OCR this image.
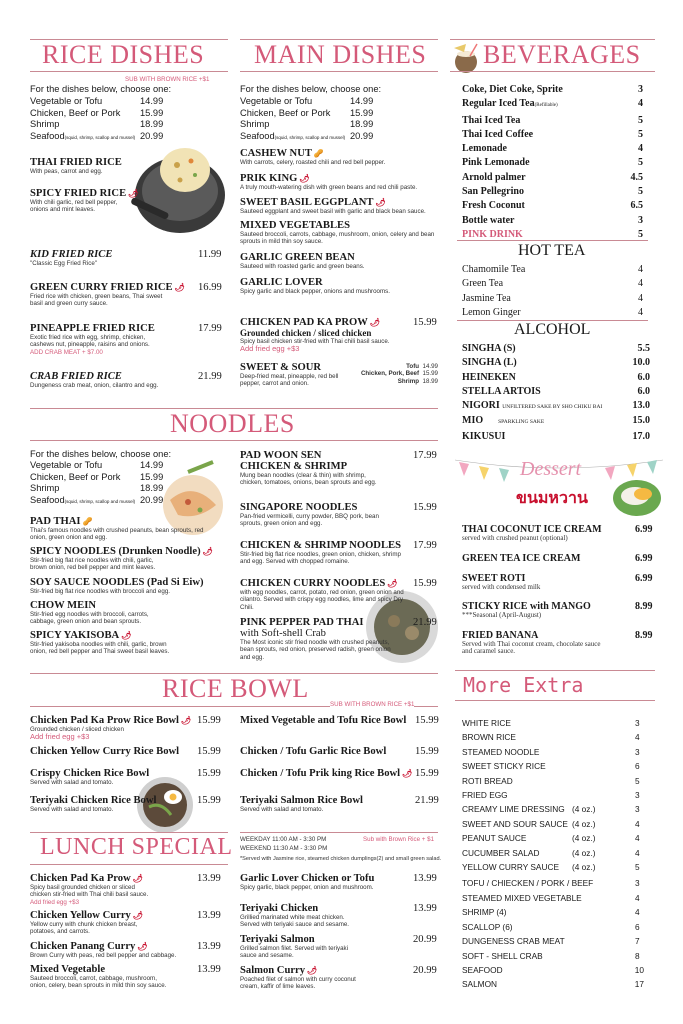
RICE DISHES
SUB WITH BROWN RICE +$1
For the dishes below, choose one:
Vegetable or Tofu	14.99
Chicken, Beef or Pork	15.99
Shrimp	18.99
Seafood(squid, shrimp, scallop and mussel) 20.99
THAI FRIED RICE
With peas, carrot and egg.
SPICY FRIED RICE 🌶
With chili garlic, red bell pepper, onions and mint leaves.
KID FRIED RICE
"Classic Egg Fried Rice"
11.99
GREEN CURRY FRIED RICE 🌶
Fried rice with chicken, green beans, Thai sweet basil and green curry sauce.
16.99
PINEAPPLE FRIED RICE
Exotic fried rice with egg, shrimp, chicken, cashews nut, pineapple, raisins and onions.
ADD CRAB MEAT + $7.00
17.99
CRAB FRIED RICE
Dungeness crab meat, onion, cilantro and egg.
21.99
MAIN DISHES
For the dishes below, choose one:
Vegetable or Tofu	14.99
Chicken, Beef or Pork	15.99
Shrimp	18.99
Seafood(squid, shrimp, scallop and mussel) 20.99
CASHEW NUT 🥜
With carrots, celery, roasted chili and red bell pepper.
PRIK KING 🌶
A truly mouth-watering dish with green beans and red chili paste.
SWEET BASIL EGGPLANT 🌶
Sauteed eggplant and sweet basil with garlic and black bean sauce.
MIXED VEGETABLES
Sauteed broccoli, carrots, cabbage, mushroom, onion, celery and bean sprouts in mild thin soy sauce.
GARLIC GREEN BEAN
Sauteed with roasted garlic and green beans.
GARLIC LOVER
Spicy garlic and black pepper, onions and mushrooms.
CHICKEN PAD KA PROW 🌶
Grounded chicken / sliced chicken
Spicy basil chicken stir-fried with Thai chili basil sauce.
Add fried egg +$3
15.99
SWEET & SOUR
Deep-fried meat, pineapple, red bell pepper, carrot and onion.
Tofu 14.99
Chicken, Pork, Beef 15.99
Shrimp 18.99
BEVERAGES
Coke, Diet Coke, Sprite	3
Regular Iced Tea(Refillable)	4
Thai Iced Tea	5
Thai Iced Coffee	5
Lemonade	4
Pink Lemonade	5
Arnold palmer	4.5
San Pellegrino	5
Fresh Coconut	6.5
Bottle water	3
PINK DRINK	5
HOT TEA
Chamomile Tea	4
Green Tea	4
Jasmine Tea	4
Lemon Ginger	4
ALCOHOL
SINGHA (S)	5.5
SINGHA (L)	10.0
HEINEKEN	6.0
STELLA ARTOIS	6.0
NIGORI UNFILTERED SAKE BY SHO CHIKU BAI	13.0
MIO	SPARKLING SAKE	15.0
KIKUSUI	17.0
Dessert
ขนมหวาน
THAI COCONUT ICE CREAM
served with crushed peanut (optional)
6.99
GREEN TEA ICE CREAM	6.99
SWEET ROTI
served with condensed milk
6.99
STICKY RICE with MANGO
***Seasonal (April-August)
8.99
FRIED BANANA
Served with Thai coconut cream, chocolate sauce and caramel sauce.
8.99
NOODLES
For the dishes below, choose one:
Vegetable or Tofu	14.99
Chicken, Beef or Pork	15.99
Shrimp	18.99
Seafood(squid, shrimp, scallop and mussel) 20.99
PAD THAI 🥜
Thai's famous noodles with crushed peanuts, bean sprouts, red onion, green onion and egg.
SPICY NOODLES (Drunken Noodle) 🌶
Stir-fried big flat rice noodles with chili, garlic, brown onion, red bell pepper and mint leaves.
SOY SAUCE NOODLES (Pad Si Eiw)
Stir-fried big flat rice noodles with broccoli and egg.
CHOW MEIN
Stir-fried egg noodles with broccoli, carrots, cabbage, green onion and bean sprouts.
SPICY YAKISOBA 🌶
Stir-fried yakisoba noodles with chili, garlic, brown onion, red bell pepper and Thai sweet basil leaves.
PAD WOON SEN
CHICKEN & SHRIMP
Mung bean noodles (clear & thin) with shrimp, chicken, tomatoes, onions, bean sprouts and egg.
17.99
SINGAPORE NOODLES
Pan-fried vermicelli, curry powder, BBQ pork, bean sprouts, green onion and egg.
15.99
CHICKEN & SHRIMP NOODLES
Stir-fried big flat rice noodles, green onion, chicken, shrimp and egg. Served with chopped romaine.
17.99
CHICKEN CURRY NOODLES 🌶
with egg noodles, carrot, potato, red onion, green onion and cilantro. Served with crispy egg noodles, lime and spicy Dry Chili.
15.99
PINK PEPPER PAD THAI
with Soft-shell Crab
The Most iconic stir fried noodle with crushed peanuts, bean sprouts, red onion, preserved radish, green onion and egg.
21.99
RICE BOWL
SUB WITH BROWN RICE +$1
Chicken Pad Ka Prow Rice Bowl 🌶
Grounded chicken / sliced chicken
Add fried egg +$3
15.99
Chicken Yellow Curry Rice Bowl	15.99
Crispy Chicken Rice Bowl
Served with salad and tomato.
15.99
Teriyaki Chicken Rice Bowl
Served with salad and tomato.
15.99
Mixed Vegetable and Tofu Rice Bowl 15.99
Chicken / Tofu Garlic Rice Bowl	15.99
Chicken / Tofu Prik king Rice Bowl 🌶 15.99
Teriyaki Salmon Rice Bowl
Served with salad and tomato.
21.99
LUNCH SPECIAL WEEKDAY 11:00 AM - 3:30 PM
WEEKEND 11:30 AM - 3:30 PM
Sub with Brown Rice + $1
*Served with Jasmine rice, steamed chicken dumplings(2) and small green salad.
Chicken Pad Ka Prow 🌶
Spicy basil grounded chicken or sliced chicken stir-fried with Thai chili basil sauce.
Add fried egg +$3
13.99
Chicken Yellow Curry 🌶
Yellow curry with chunk chicken breast, potatoes, and carrots.
13.99
Chicken Panang Curry 🌶
Brown Curry with peas, red bell pepper and cabbage.
13.99
Mixed Vegetable
Sauteed broccoli, carrot, cabbage, mushroom, onion, celery, bean sprouts in mild thin soy sauce.
13.99
Garlic Lover Chicken or Tofu
Spicy garlic, black pepper, onion and mushroom.
13.99
Teriyaki Chicken
Grillied marinated white meat chicken. Served with teriyaki sauce and sesame.
13.99
Teriyaki Salmon
Grilled salmon filet. Served with teriyaki sauce and sesame.
20.99
Salmon Curry 🌶
Poached filet of salmon with curry coconut cream, kaffir of lime leaves.
20.99
More Extra
WHITE RICE	3
BROWN RICE	4
STEAMED NOODLE	3
SWEET STICKY RICE	6
ROTI BREAD	5
FRIED EGG	3
CREAMY LIME DRESSING (4 oz.)	3
SWEET AND SOUR SAUCE (4 oz.)	4
PEANUT SAUCE	(4 oz.)	4
CUCUMBER SALAD	(4 oz.)	4
YELLOW CURRY SAUCE	(4 oz.)	5
TOFU / CHIECKEN / PORK / BEEF	3
STEAMED MIXED VEGETABLE	4
SHRIMP (4)	4
SCALLOP (6)	6
DUNGENESS CRAB MEAT	7
SOFT - SHELL CRAB	8
SEAFOOD	10
SALMON	17
